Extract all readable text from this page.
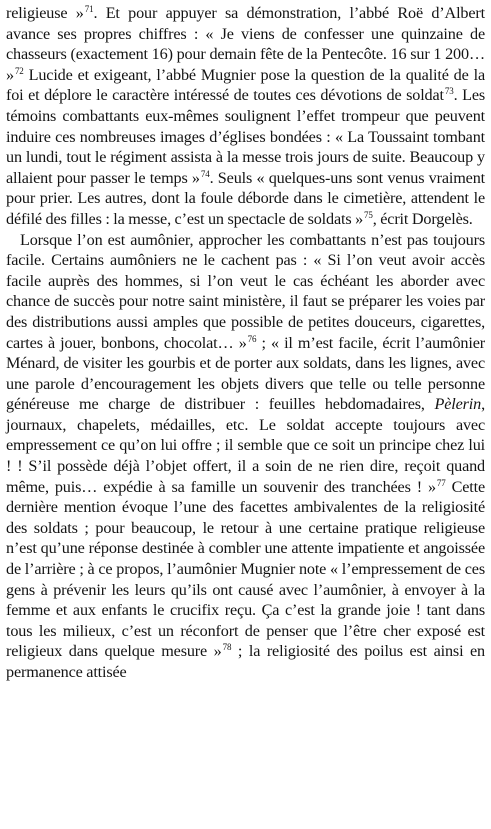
religieuse »$^{71}$. Et pour appuyer sa démonstration, l’abbé Roë d’Albert avance ses propres chiffres : « Je viens de confesser une quinzaine de chasseurs (exactement 16) pour demain fête de la Pentecôte. 16 sur 1 200… »$^{72}$ Lucide et exigeant, l’abbé Mugnier pose la question de la qualité de la foi et déplore le caractère intéressé de toutes ces dévotions de soldat$^{73}$. Les témoins combattants eux-mêmes soulignent l’effet trompeur que peuvent induire ces nombreuses images d’églises bondées : « La Toussaint tombant un lundi, tout le régiment assista à la messe trois jours de suite. Beaucoup y allaient pour passer le temps »$^{74}$. Seuls « quelques-uns sont venus vraiment pour prier. Les autres, dont la foule déborde dans le cimetière, attendent le défilé des filles : la messe, c’est un spectacle de soldats »$^{75}$, écrit Dorgelès.

Lorsque l’on est aumônier, approcher les combattants n’est pas toujours facile. Certains aumôniers ne le cachent pas : « Si l’on veut avoir accès facile auprès des hommes, si l’on veut le cas échéant les aborder avec chance de succès pour notre saint ministère, il faut se préparer les voies par des distributions aussi amples que possible de petites douceurs, cigarettes, cartes à jouer, bonbons, chocolat… »$^{76}$ ; « il m’est facile, écrit l’aumônier Ménard, de visiter les gourbis et de porter aux soldats, dans les lignes, avec une parole d’encouragement les objets divers que telle ou telle personne généreuse me charge de distribuer : feuilles hebdomadaires, Pèlerin, journaux, chapelets, médailles, etc. Le soldat accepte toujours avec empressement ce qu’on lui offre ; il semble que ce soit un principe chez lui ! ! S’il possède déjà l’objet offert, il a soin de ne rien dire, reçoit quand même, puis… expédie à sa famille un souvenir des tranchées ! »$^{77}$ Cette dernière mention évoque l’une des facettes ambivalentes de la religiosité des soldats ; pour beaucoup, le retour à une certaine pratique religieuse n’est qu’une réponse destinée à combler une attente impatiente et angoissée de l’arrière ; à ce propos, l’aumônier Mugnier note « l’empressement de ces gens à prévenir les leurs qu’ils ont causé avec l’aumônier, à envoyer à la femme et aux enfants le crucifix reçu. Ça c’est la grande joie ! tant dans tous les milieux, c’est un réconfort de penser que l’être cher exposé est religieux dans quelque mesure »$^{78}$ ; la religiosité des poilus est ainsi en permanence attisée
